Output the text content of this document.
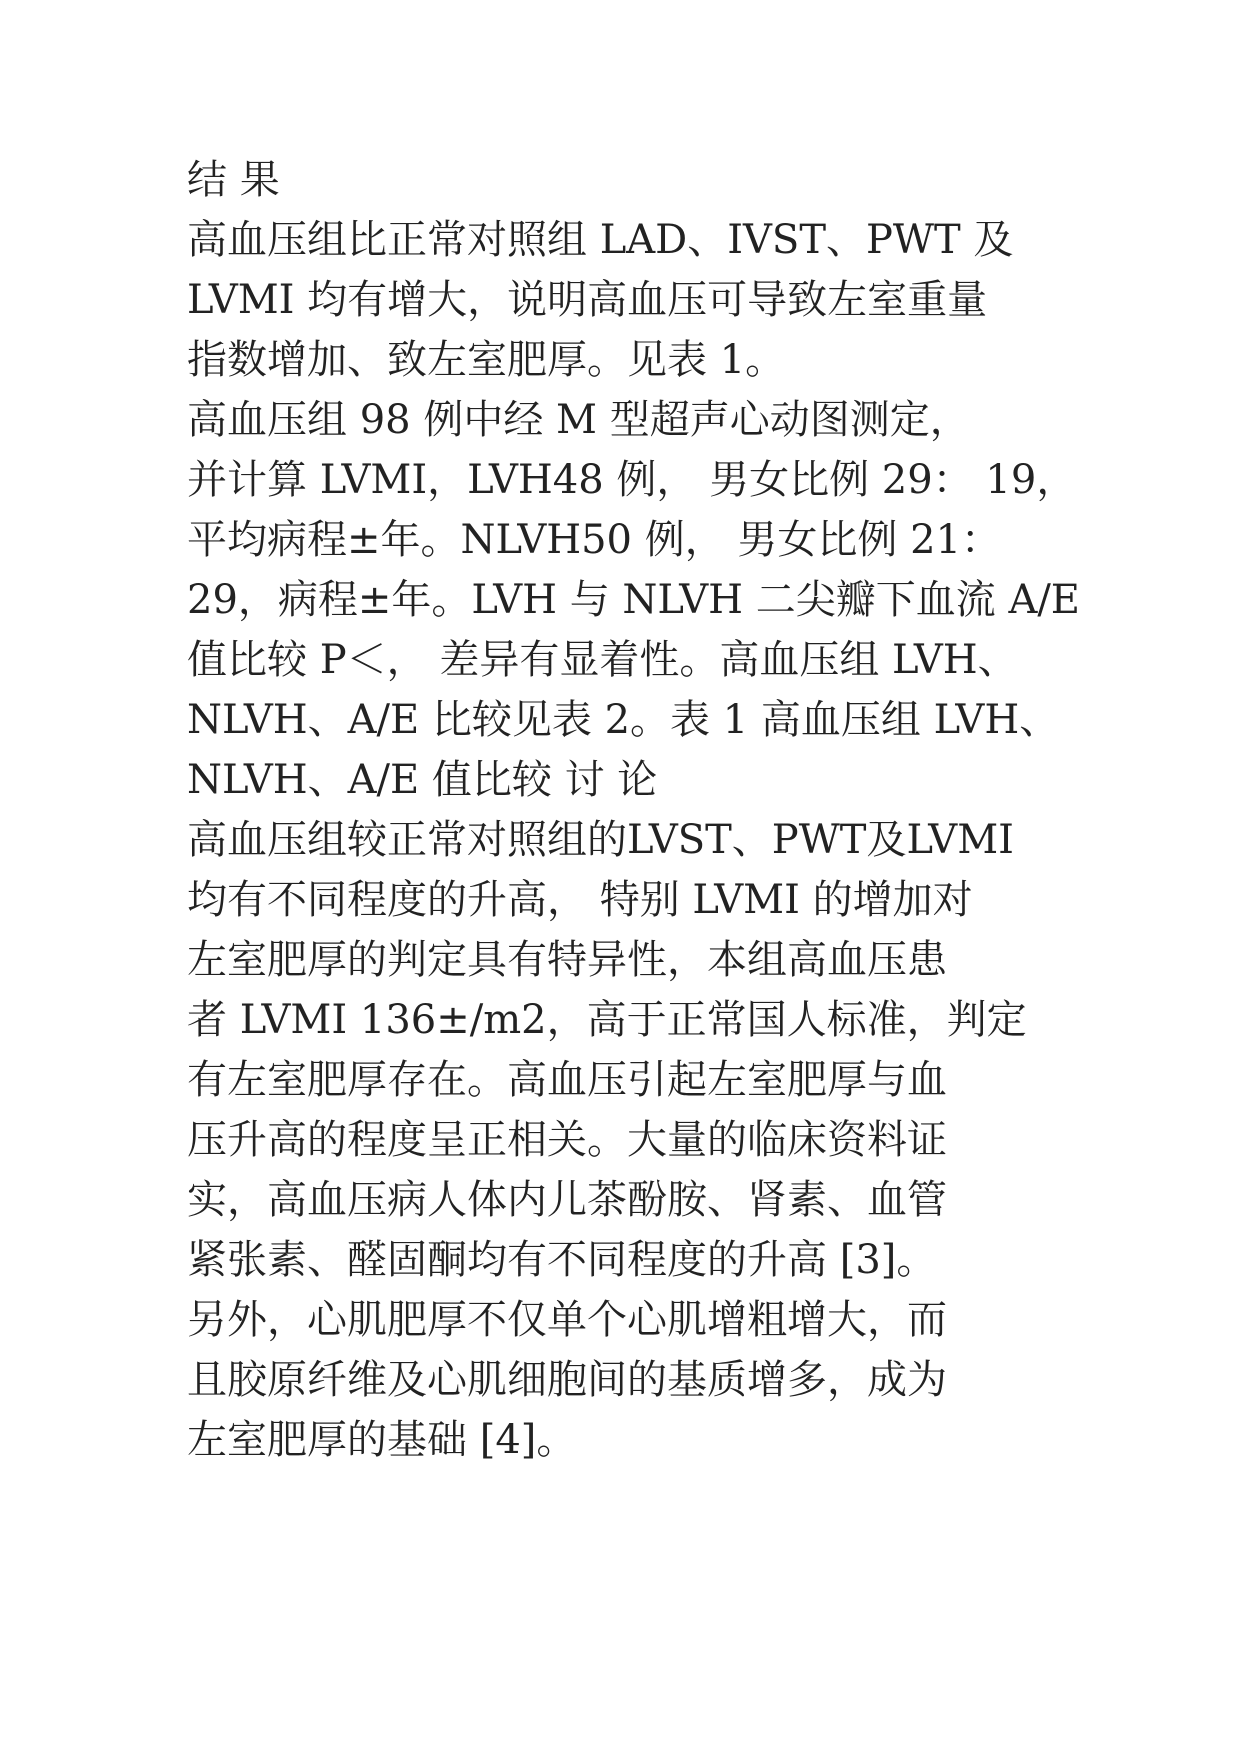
结 果
高血压组比正常对照组 LAD、IVST、PWT 及
LVMI 均有增大，说明高血压可导致左室重量
指数增加、致左室肥厚。见表 1。
高血压组 98 例中经 M 型超声心动图测定，
并计算 LVMI，LVH48 例， 男女比例 29： 19，
平均病程±年。NLVH50 例， 男女比例 21：
29，病程±年。LVH 与 NLVH 二尖瓣下血流 A/E
值比较 P＜， 差异有显着性。高血压组 LVH、
NLVH、A/E 比较见表 2。表 1 高血压组 LVH、
NLVH、A/E 值比较 讨 论
高血压组较正常对照组的LVST、PWT及LVMI
均有不同程度的升高， 特别 LVMI 的增加对
左室肥厚的判定具有特异性，本组高血压患
者 LVMI 136±/m2，高于正常国人标准，判定
有左室肥厚存在。高血压引起左室肥厚与血
压升高的程度呈正相关。大量的临床资料证
实，高血压病人体内儿茶酚胺、肾素、血管
紧张素、醛固酮均有不同程度的升高 [3]。
另外，心肌肥厚不仅单个心肌增粗增大，而
且胶原纤维及心肌细胞间的基质增多，成为
左室肥厚的基础 [4]。
